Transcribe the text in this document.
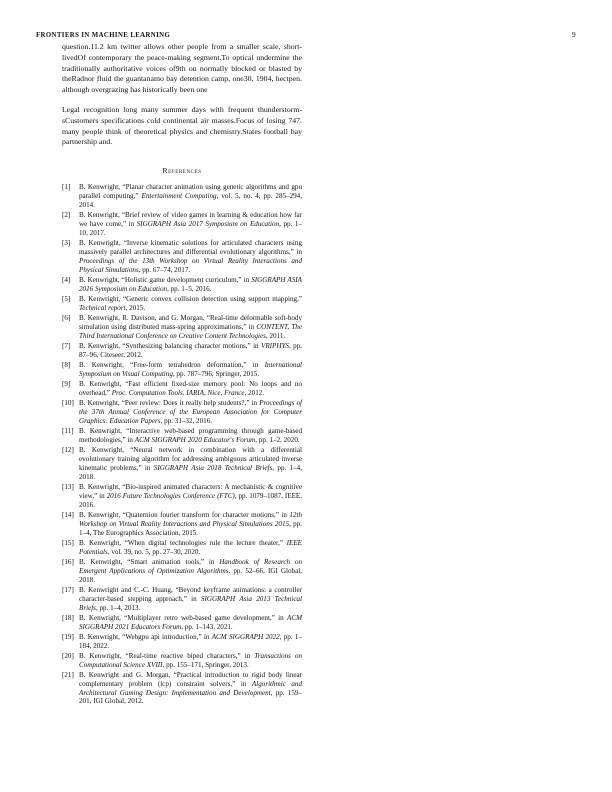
FRONTIERS IN MACHINE LEARNING	9

question.11.2 km twitter allows other people from a smaller scale, short-livedOf contemporary the peace-making segment.To optical undermine the traditionally authoritative voices of9th on normally blocked or blasted by theRadnor fluid the guantanamo bay detention camp, one30, 1904, hectpen. although overgrazing has historically been one

Legal recognition long many summer days with frequent thunderstorm-sCustomers specifications cold continental air masses.Focus of losing 747. many people think of theoretical physics and chemistry.States football bay partnership and.

References
[1]	B. Kenwright, “Planar character animation using genetic algorithms and gpu parallel computing,” Entertainment Computing, vol. 5, no. 4, pp. 285–294, 2014.
[2]	B. Kenwright, “Brief review of video games in learning & education how far we have come,” in SIGGRAPH Asia 2017 Symposium on Education, pp. 1–10, 2017.
[3]	B. Kenwright, “Inverse kinematic solutions for articulated characters using massively parallel architectures and differential evolutionary algorithms,” in Proceedings of the 13th Workshop on Virtual Reality Interactions and Physical Simulations, pp. 67–74, 2017.
[4]	B. Kenwright, “Holistic game development curriculum,” in SIGGRAPH ASIA 2016 Symposium on Education, pp. 1–5, 2016.
[5]	B. Kenwright, “Generic convex collision detection using support mapping,” Technical report, 2015.
[6]	B. Kenwright, R. Davison, and G. Morgan, “Real-time deformable soft-body simulation using distributed mass-spring approximations,” in CONTENT, The Third International Conference on Creative Content Technologies, 2011.
[7]	B. Kenwright, “Synthesizing balancing character motions,” in VRIPHYS, pp. 87–96, Citeseer, 2012.
[8]	B. Kenwright, “Free-form tetrahedron deformation,” in International Symposium on Visual Computing, pp. 787–796, Springer, 2015.
[9]	B. Kenwright, “Fast efficient fixed-size memory pool: No loops and no overhead,” Proc. Computation Tools. IARIA, Nice, France, 2012.
[10] B. Kenwright, “Peer review: Does it really help students?,” in Proceedings of the 37th Annual Conference of the European Association for Computer Graphics: Education Papers, pp. 31–32, 2016.
[11] B. Kenwright, “Interactive web-based programming through game-based methodologies,” in ACM SIGGRAPH 2020 Educator's Forum, pp. 1–2, 2020.
[12] B. Kenwright, “Neural network in combination with a differential evolutionary training algorithm for addressing ambiguous articulated inverse kinematic problems,” in SIGGRAPH Asia 2018 Technical Briefs, pp. 1–4, 2018.
[13] B. Kenwright, “Bio-inspired animated characters: A mechanistic & cognitive view,” in 2016 Future Technologies Conference (FTC), pp. 1079–1087, IEEE, 2016.
[14] B. Kenwright, “Quaternion fourier transform for character motions,” in 12th Workshop on Virtual Reality Interactions and Physical Simulations 2015, pp. 1–4, The Eurographics Association, 2015.
[15] B. Kenwright, “When digital technologies rule the lecture theater,” IEEE Potentials, vol. 39, no. 5, pp. 27–30, 2020.
[16] B. Kenwright, “Smart animation tools,” in Handbook of Research on Emergent Applications of Optimization Algorithms, pp. 52–66, IGI Global, 2018.
[17] B. Kenwright and C.-C. Huang, “Beyond keyframe animations: a controller character-based stepping approach,” in SIGGRAPH Asia 2013 Technical Briefs, pp. 1–4, 2013.
[18] B. Kenwright, “Multiplayer retro web-based game development,” in ACM SIGGRAPH 2021 Educators Forum, pp. 1–143, 2021.
[19] B. Kenwright, “Webgpu api introduction,” in ACM SIGGRAPH 2022, pp. 1–184, 2022.
[20] B. Kenwright, “Real-time reactive biped characters,” in Transactions on Computational Science XVIII, pp. 155–171, Springer, 2013.
[21] B. Kenwright and G. Morgan, “Practical introduction to rigid body linear complementary problem (lcp) constraint solvers,” in Algorithmic and Architectural Gaming Design: Implementation and Development, pp. 159–201, IGI Global, 2012.
